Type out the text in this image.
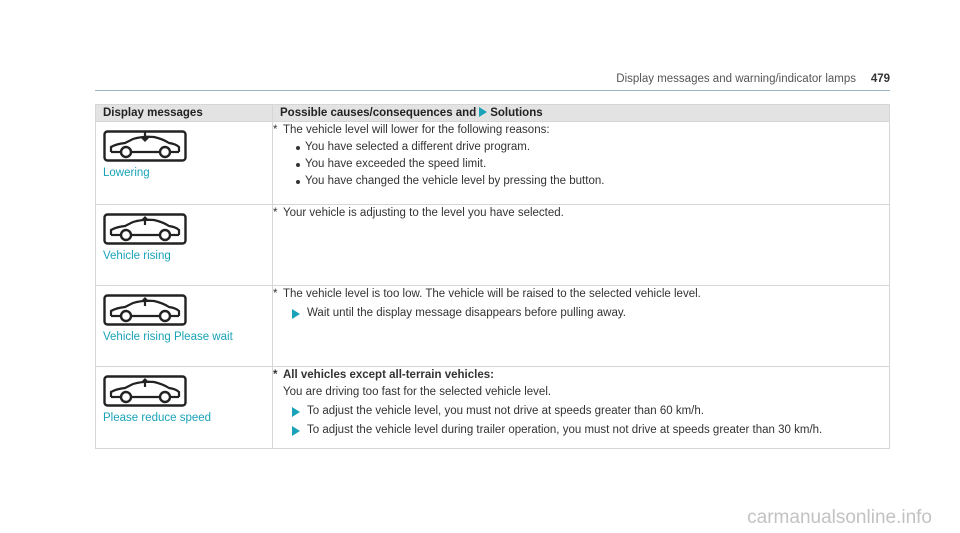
Display messages and warning/indicator lamps 479
Display messages	Possible causes/consequences and Solutions

Lowering	* The vehicle level will lower for the following reasons:
You have selected a different drive program.
You have exceeded the speed limit.
You have changed the vehicle level by pressing the button.

Vehicle rising	* Your vehicle is adjusting to the level you have selected.

Vehicle rising Please wait	* The vehicle level is too low. The vehicle will be raised to the selected vehicle level.
Wait until the display message disappears before pulling away.

Please reduce speed	* All vehicles except all-terrain vehicles:
You are driving too fast for the selected vehicle level.
To adjust the vehicle level, you must not drive at speeds greater than 60 km/h.
To adjust the vehicle level during trailer operation, you must not drive at speeds greater than 30 km/h.
carmanualsonline.info
